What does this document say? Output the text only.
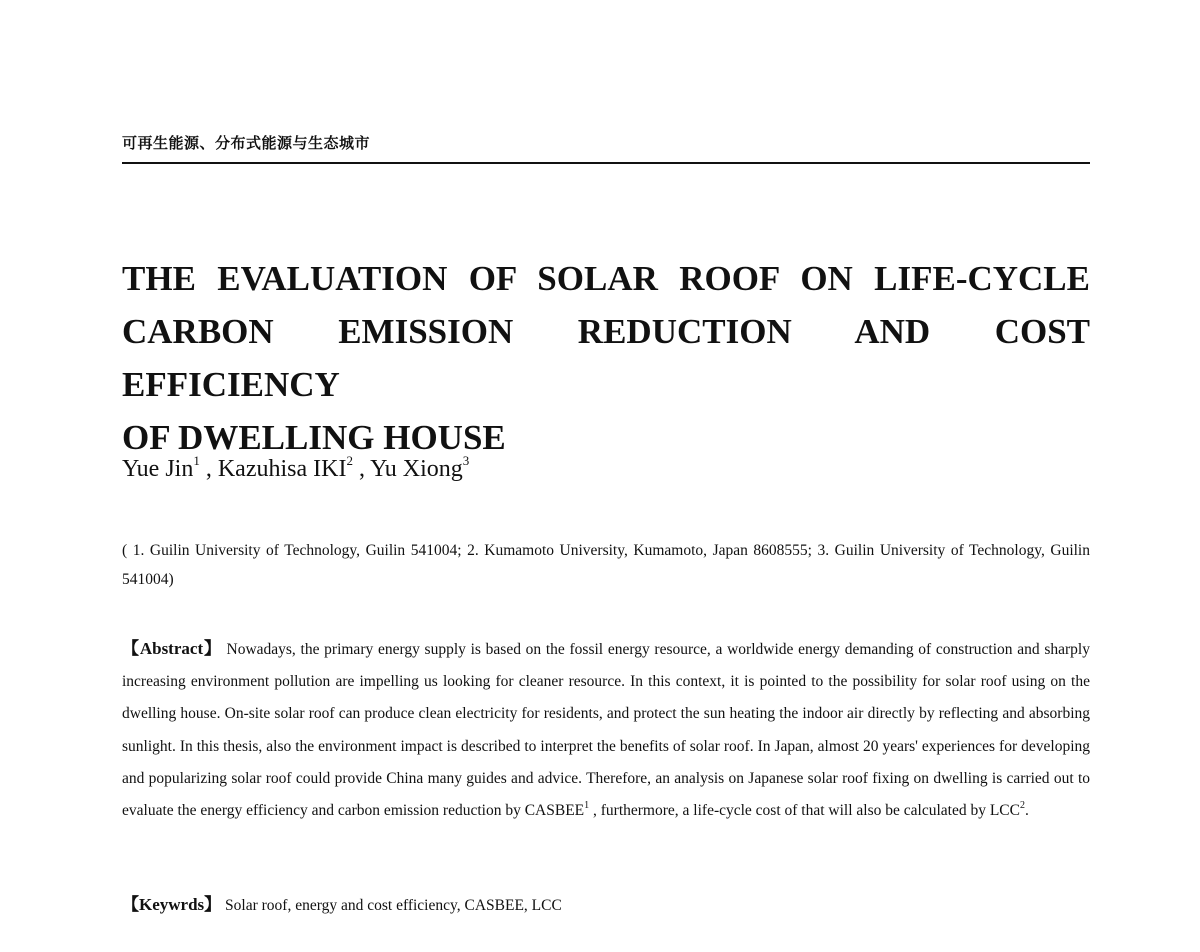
可再生能源、分布式能源与生态城市
THE EVALUATION OF SOLAR ROOF ON LIFE-CYCLE
CARBON EMISSION REDUCTION AND COST EFFICIENCY
OF DWELLING HOUSE
Yue Jin$^1$ , Kazuhisa IKI$^2$ , Yu Xiong$^3$
( 1. Guilin University of Technology, Guilin 541004; 2. Kumamoto University, Kumamoto, Japan 8608555; 3. Guilin University of Technology, Guilin 541004)
【Abstract】 Nowadays, the primary energy supply is based on the fossil energy resource, a worldwide energy demanding of construction and sharply increasing environment pollution are impelling us looking for cleaner resource. In this context, it is pointed to the possibility for solar roof using on the dwelling house. On-site solar roof can produce clean electricity for residents, and protect the sun heating the indoor air directly by reflecting and absorbing sunlight. In this thesis, also the environment impact is described to interpret the benefits of solar roof. In Japan, almost 20 years' experiences for developing and popularizing solar roof could provide China many guides and advice. Therefore, an analysis on Japanese solar roof fixing on dwelling is carried out to evaluate the energy efficiency and carbon emission reduction by CASBEE$^1$ , furthermore, a life-cycle cost of that will also be calculated by LCC$^2$.
【Keywrds】 Solar roof, energy and cost efficiency, CASBEE, LCC
